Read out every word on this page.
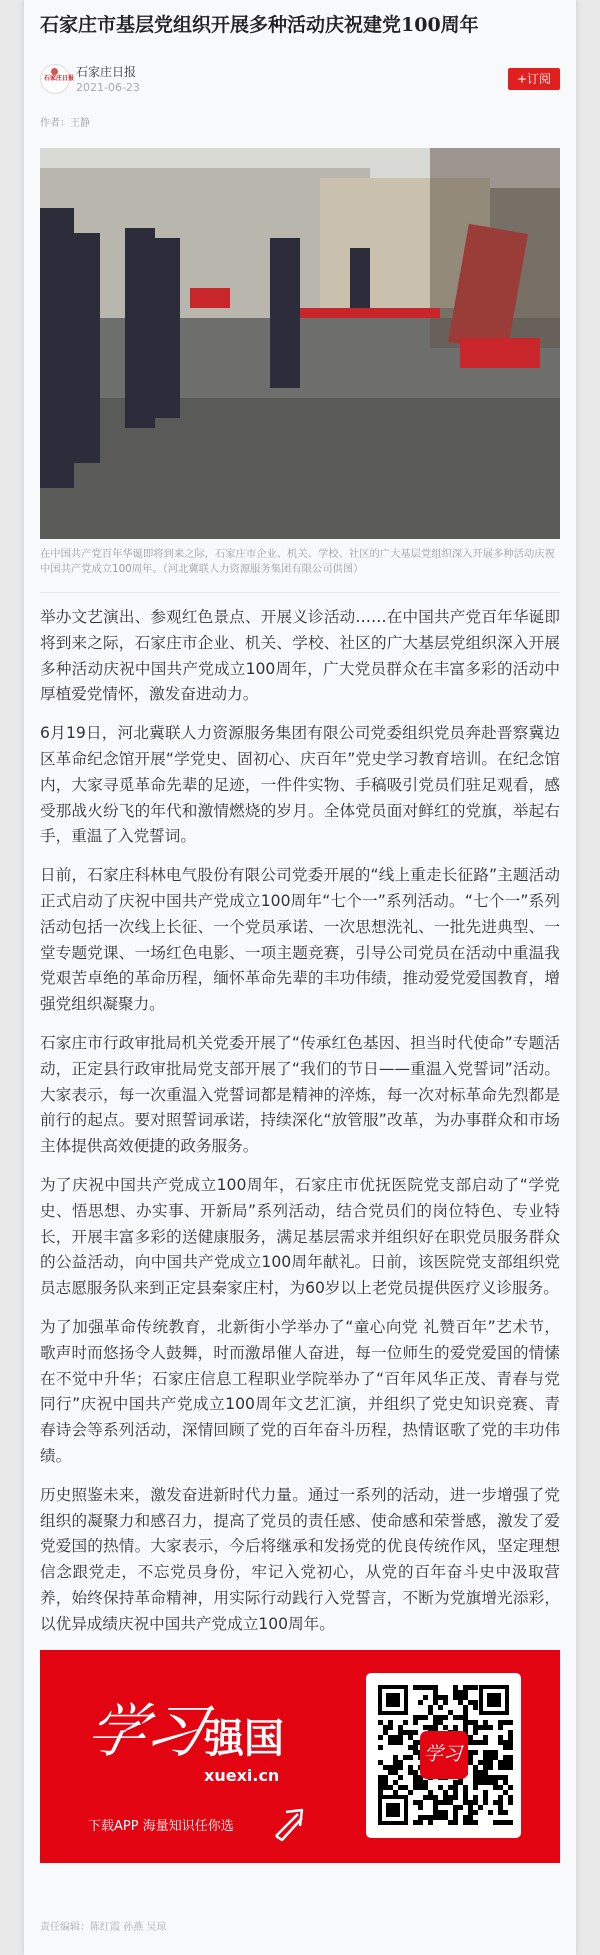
石家庄市基层党组织开展多种活动庆祝建党100周年
石家庄日报 石家庄日报
2021-06-23
+订阅
作者：王静
在中国共产党百年华诞即将到来之际，石家庄市企业、机关、学校、社区的广大基层党组织深入开展多种活动庆祝中国共产党成立100周年。（河北冀联人力资源服务集团有限公司供图）

举办文艺演出、参观红色景点、开展义诊活动……在中国共产党百年华诞即将到来之际，石家庄市企业、机关、学校、社区的广大基层党组织深入开展多种活动庆祝中国共产党成立100周年，广大党员群众在丰富多彩的活动中厚植爱党情怀，激发奋进动力。

6月19日，河北冀联人力资源服务集团有限公司党委组织党员奔赴晋察冀边区革命纪念馆开展“学党史、固初心、庆百年”党史学习教育培训。在纪念馆内，大家寻觅革命先辈的足迹，一件件实物、手稿吸引党员们驻足观看，感受那战火纷飞的年代和激情燃烧的岁月。全体党员面对鲜红的党旗，举起右手，重温了入党誓词。

日前，石家庄科林电气股份有限公司党委开展的“线上重走长征路”主题活动正式启动了庆祝中国共产党成立100周年“七个一”系列活动。“七个一”系列活动包括一次线上长征、一个党员承诺、一次思想洗礼、一批先进典型、一堂专题党课、一场红色电影、一项主题竞赛，引导公司党员在活动中重温我党艰苦卓绝的革命历程，缅怀革命先辈的丰功伟绩，推动爱党爱国教育，增强党组织凝聚力。

石家庄市行政审批局机关党委开展了“传承红色基因、担当时代使命”专题活动，正定县行政审批局党支部开展了“我们的节日——重温入党誓词”活动。大家表示，每一次重温入党誓词都是精神的淬炼，每一次对标革命先烈都是前行的起点。要对照誓词承诺，持续深化“放管服”改革，为办事群众和市场主体提供高效便捷的政务服务。

为了庆祝中国共产党成立100周年，石家庄市优抚医院党支部启动了“学党史、悟思想、办实事、开新局”系列活动，结合党员们的岗位特色、专业特长，开展丰富多彩的送健康服务，满足基层需求并组织好在职党员服务群众的公益活动，向中国共产党成立100周年献礼。日前，该医院党支部组织党员志愿服务队来到正定县秦家庄村，为60岁以上老党员提供医疗义诊服务。

为了加强革命传统教育，北新街小学举办了“童心向党 礼赞百年”艺术节，歌声时而悠扬令人鼓舞，时而激昂催人奋进，每一位师生的爱党爱国的情愫在不觉中升华；石家庄信息工程职业学院举办了“百年风华正茂、青春与党同行”庆祝中国共产党成立100周年文艺汇演，并组织了党史知识竞赛、青春诗会等系列活动，深情回顾了党的百年奋斗历程，热情讴歌了党的丰功伟绩。

历史照鉴未来，激发奋进新时代力量。通过一系列的活动，进一步增强了党组织的凝聚力和感召力，提高了党员的责任感、使命感和荣誉感，激发了爱党爱国的热情。大家表示，今后将继承和发扬党的优良传统作风，坚定理想信念跟党走，不忘党员身份，牢记入党初心，从党的百年奋斗史中汲取营养，始终保持革命精神，用实际行动践行入党誓言，不断为党旗增光添彩，以优异成绩庆祝中国共产党成立100周年。

学习
强国
xuexi.cn
下载APP 海量知识任你选
学习
责任编辑：陈红霞 孙燕 吴琼
